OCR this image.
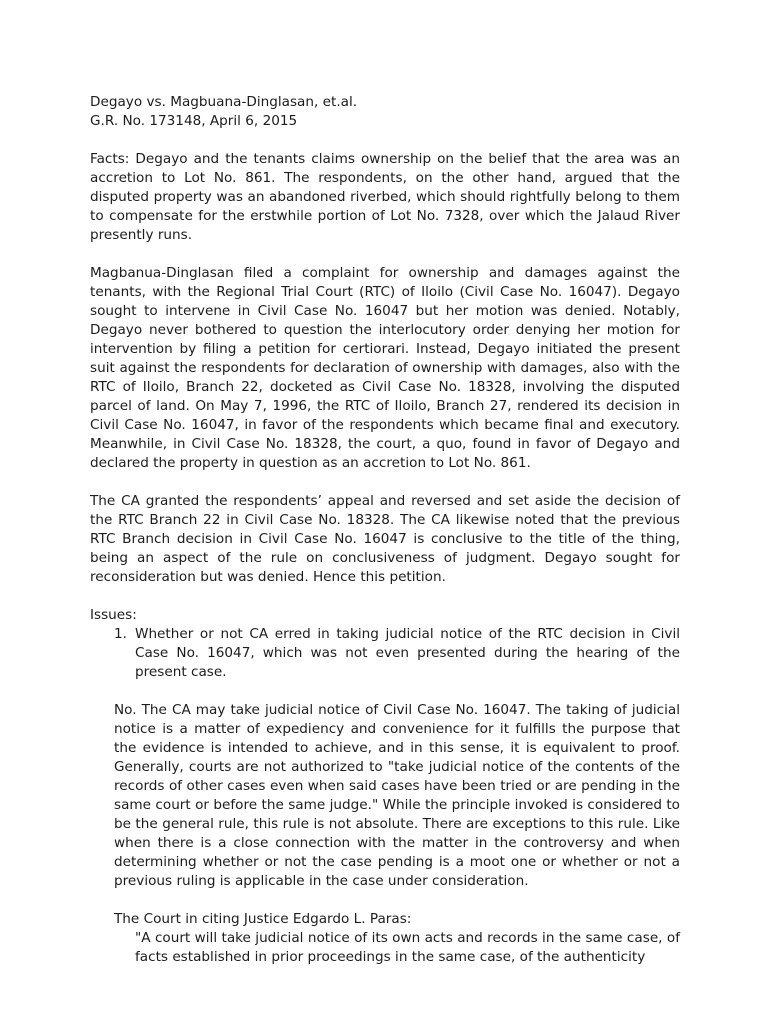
Degayo vs. Magbuana-Dinglasan, et.al.

G.R. No. 173148, April 6, 2015

Facts: Degayo and the tenants claims ownership on the belief that the area was an accretion to Lot No. 861. The respondents, on the other hand, argued that the disputed property was an abandoned riverbed, which should rightfully belong to them to compensate for the erstwhile portion of Lot No. 7328, over which the Jalaud River presently runs.

Magbanua-Dinglasan filed a complaint for ownership and damages against the tenants, with the Regional Trial Court (RTC) of Iloilo (Civil Case No. 16047). Degayo sought to intervene in Civil Case No. 16047 but her motion was denied. Notably, Degayo never bothered to question the interlocutory order denying her motion for intervention by filing a petition for certiorari. Instead, Degayo initiated the present suit against the respondents for declaration of ownership with damages, also with the RTC of Iloilo, Branch 22, docketed as Civil Case No. 18328, involving the disputed parcel of land. On May 7, 1996, the RTC of Iloilo, Branch 27, rendered its decision in Civil Case No. 16047, in favor of the respondents which became final and executory. Meanwhile, in Civil Case No. 18328, the court, a quo, found in favor of Degayo and declared the property in question as an accretion to Lot No. 861.

The CA granted the respondents’ appeal and reversed and set aside the decision of the RTC Branch 22 in Civil Case No. 18328. The CA likewise noted that the previous RTC Branch decision in Civil Case No. 16047 is conclusive to the title of the thing, being an aspect of the rule on conclusiveness of judgment. Degayo sought for reconsideration but was denied. Hence this petition.

Issues:

1. Whether or not CA erred in taking judicial notice of the RTC decision in Civil Case No. 16047, which was not even presented during the hearing of the present case.

No. The CA may take judicial notice of Civil Case No. 16047. The taking of judicial notice is a matter of expediency and convenience for it fulfills the purpose that the evidence is intended to achieve, and in this sense, it is equivalent to proof. Generally, courts are not authorized to "take judicial notice of the contents of the records of other cases even when said cases have been tried or are pending in the same court or before the same judge." While the principle invoked is considered to be the general rule, this rule is not absolute. There are exceptions to this rule. Like when there is a close connection with the matter in the controversy and when determining whether or not the case pending is a moot one or whether or not a previous ruling is applicable in the case under consideration.

The Court in citing Justice Edgardo L. Paras:

"A court will take judicial notice of its own acts and records in the same case, of facts established in prior proceedings in the same case, of the authenticity
